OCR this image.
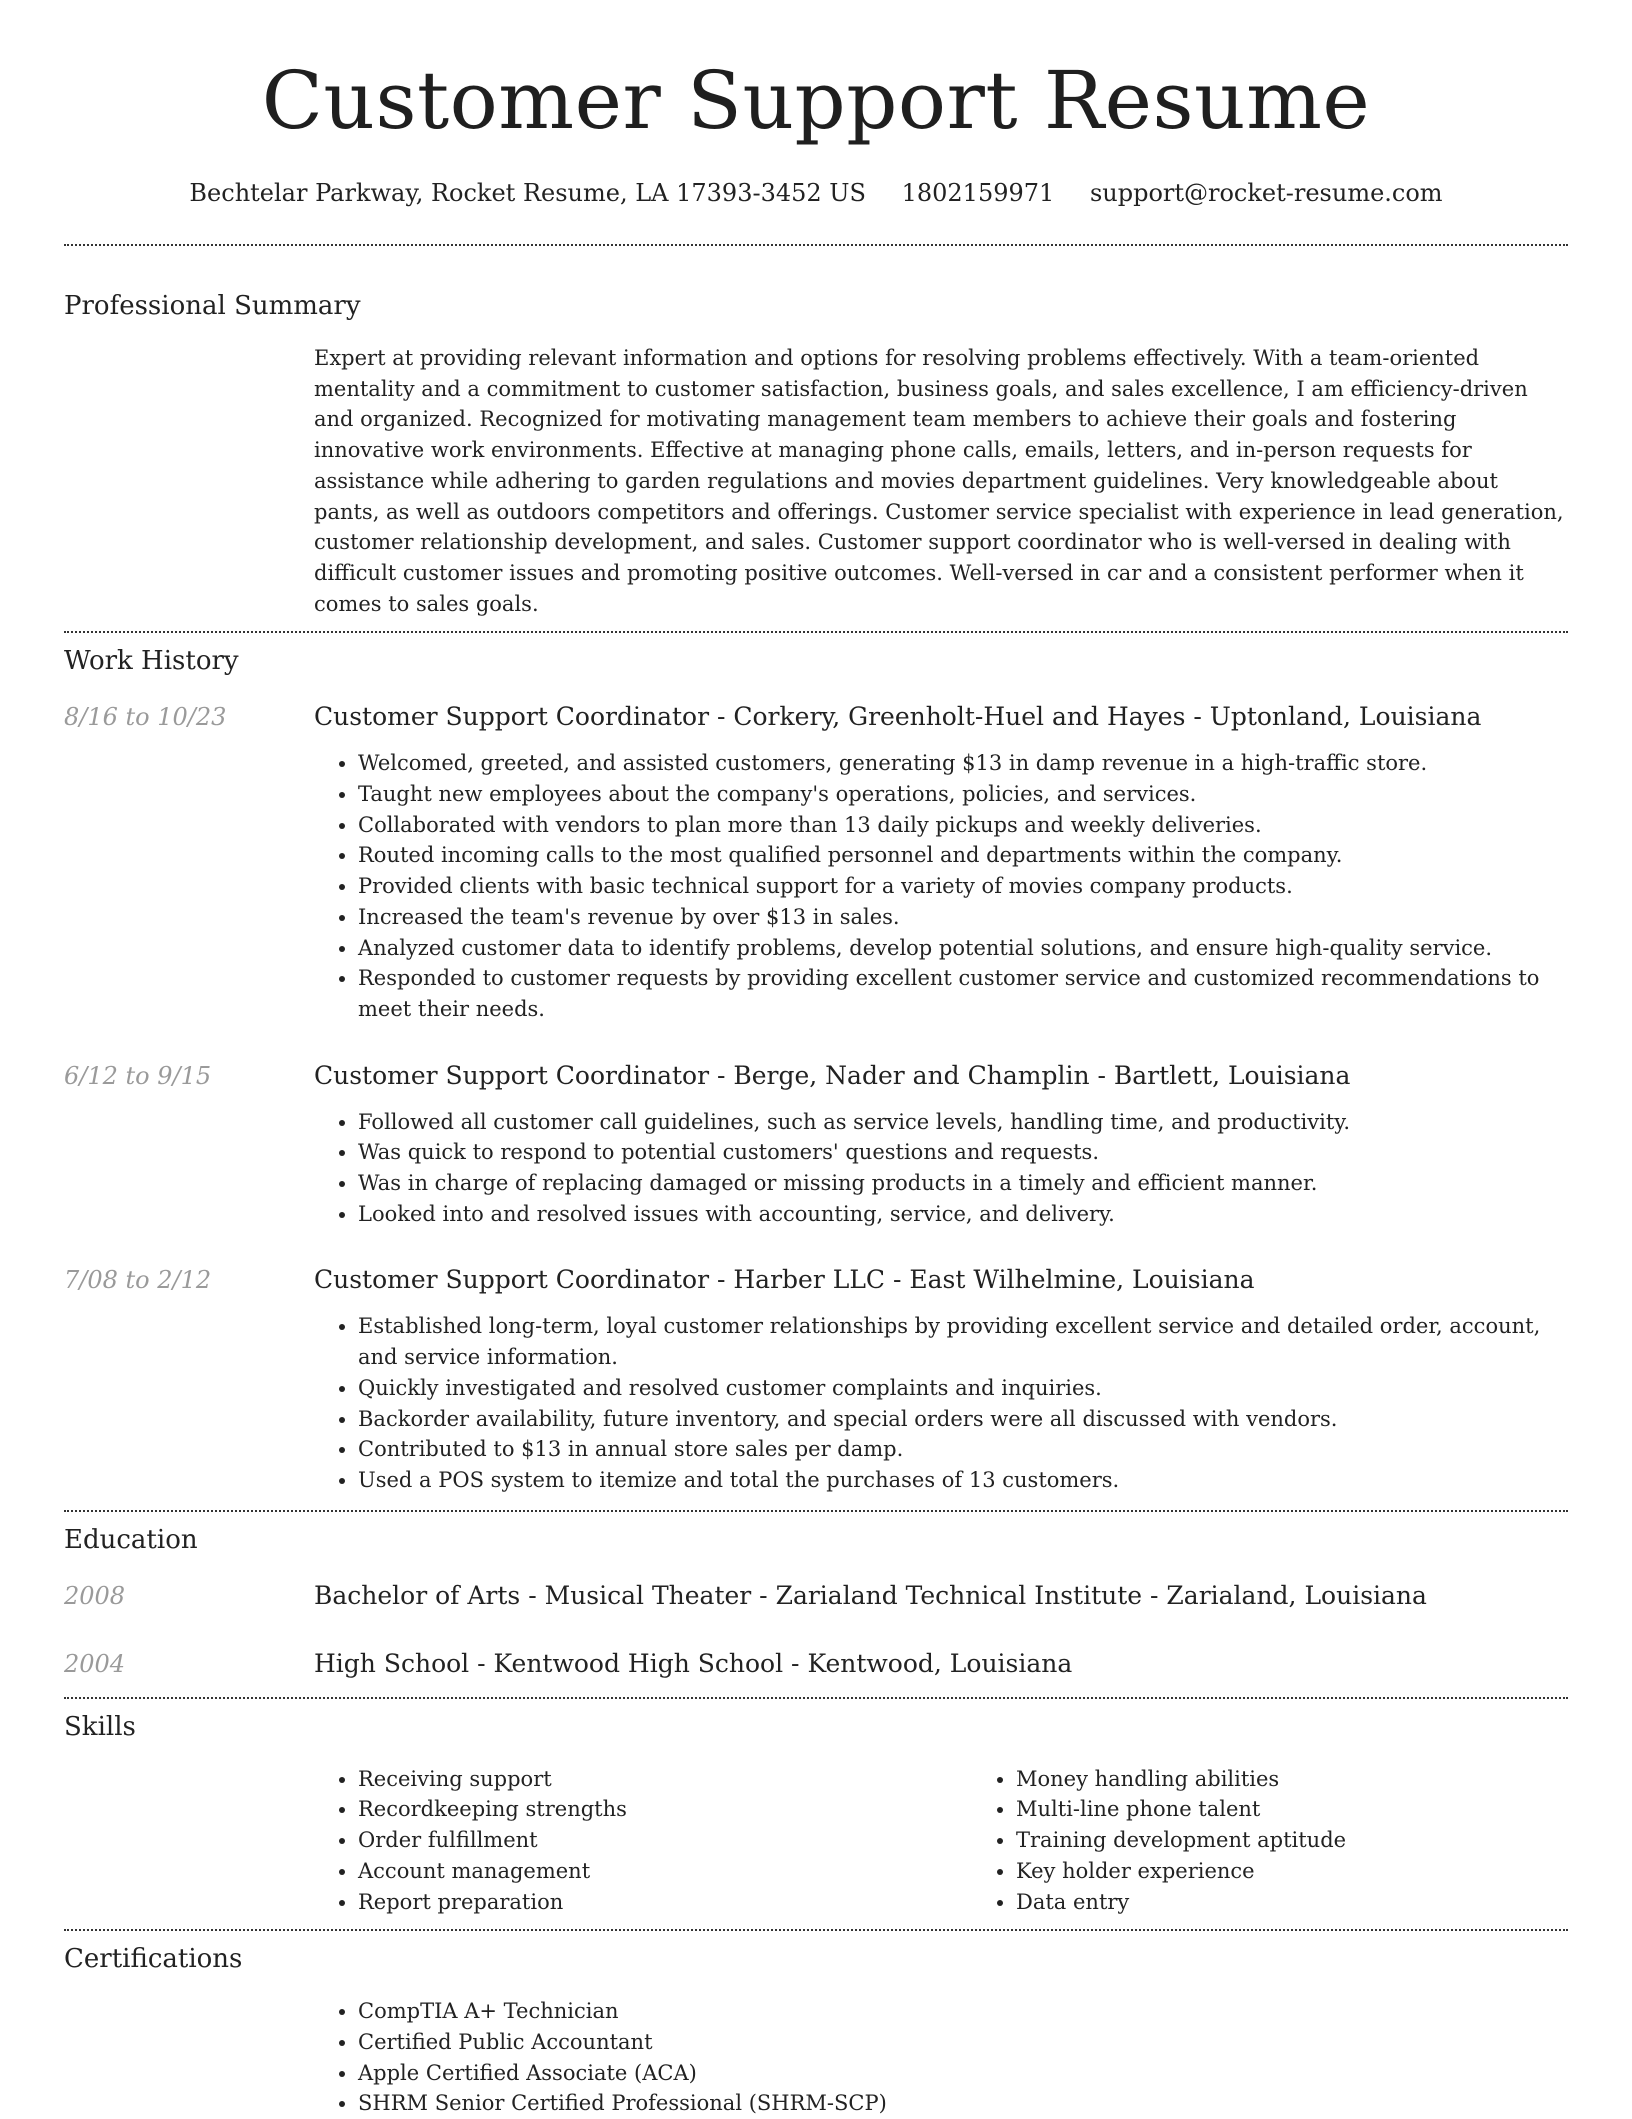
Customer Support Resume
Bechtelar Parkway, Rocket Resume, LA 17393-3452 US 1802159971 support@rocket-resume.com
Professional Summary

Expert at providing relevant information and options for resolving problems effectively. With a team-oriented mentality and a commitment to customer satisfaction, business goals, and sales excellence, I am efficiency-driven and organized. Recognized for motivating management team members to achieve their goals and fostering innovative work environments. Effective at managing phone calls, emails, letters, and in-person requests for assistance while adhering to garden regulations and movies department guidelines. Very knowledgeable about pants, as well as outdoors competitors and offerings. Customer service specialist with experience in lead generation, customer relationship development, and sales. Customer support coordinator who is well-versed in dealing with difficult customer issues and promoting positive outcomes. Well-versed in car and a consistent performer when it comes to sales goals.

Work History
8/16 to 10/23	Customer Support Coordinator - Corkery, Greenholt-Huel and Hayes - Uptonland, Louisiana
• Welcomed, greeted, and assisted customers, generating $13 in damp revenue in a high-traffic store.
• Taught new employees about the company's operations, policies, and services.
• Collaborated with vendors to plan more than 13 daily pickups and weekly deliveries.
• Routed incoming calls to the most qualified personnel and departments within the company.
• Provided clients with basic technical support for a variety of movies company products.
• Increased the team's revenue by over $13 in sales.
• Analyzed customer data to identify problems, develop potential solutions, and ensure high-quality service.
• Responded to customer requests by providing excellent customer service and customized recommendations to meet their needs.
6/12 to 9/15	Customer Support Coordinator - Berge, Nader and Champlin - Bartlett, Louisiana
• Followed all customer call guidelines, such as service levels, handling time, and productivity.
• Was quick to respond to potential customers' questions and requests.
• Was in charge of replacing damaged or missing products in a timely and efficient manner.
• Looked into and resolved issues with accounting, service, and delivery.
7/08 to 2/12	Customer Support Coordinator - Harber LLC - East Wilhelmine, Louisiana
• Established long-term, loyal customer relationships by providing excellent service and detailed order, account, and service information.
• Quickly investigated and resolved customer complaints and inquiries.
• Backorder availability, future inventory, and special orders were all discussed with vendors.
• Contributed to $13 in annual store sales per damp.
• Used a POS system to itemize and total the purchases of 13 customers.
Education
2008	Bachelor of Arts - Musical Theater - Zarialand Technical Institute - Zarialand, Louisiana
2004	High School - Kentwood High School - Kentwood, Louisiana
Skills
• Receiving support
• Recordkeeping strengths
• Order fulfillment
• Account management
• Report preparation
• Money handling abilities
• Multi-line phone talent
• Training development aptitude
• Key holder experience
• Data entry
Certifications
• CompTIA A+ Technician
• Certified Public Accountant
• Apple Certified Associate (ACA)
• SHRM Senior Certified Professional (SHRM-SCP)
